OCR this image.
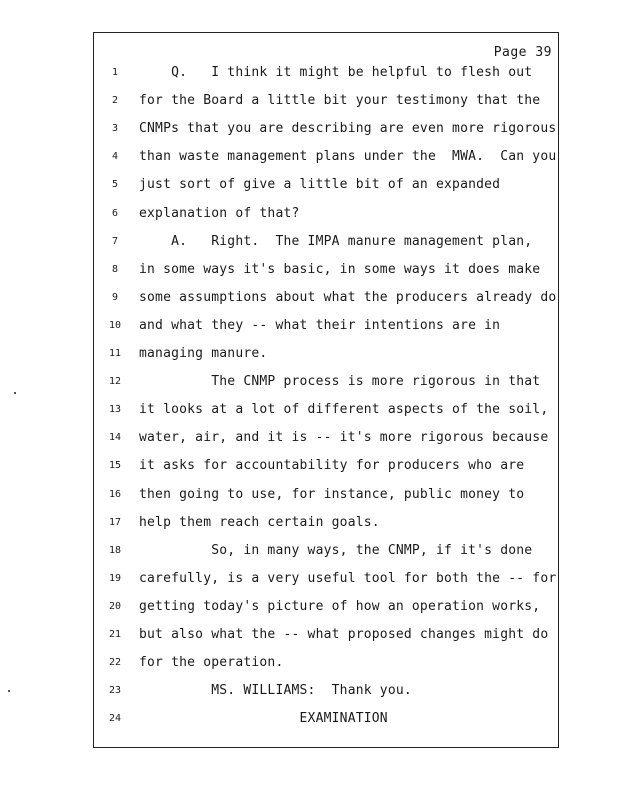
Page 39
1	Q.   I think it might be helpful to flesh out
2	for the Board a little bit your testimony that the
3	CNMPs that you are describing are even more rigorous
4	than waste management plans under the  MWA.  Can you
5	just sort of give a little bit of an expanded
6	explanation of that?
7	A.   Right.  The IMPA manure management plan,
8	in some ways it's basic, in some ways it does make
9	some assumptions about what the producers already do
10 and what they -- what their intentions are in
11 managing manure.
12 The CNMP process is more rigorous in that
13 it looks at a lot of different aspects of the soil,
14 water, air, and it is -- it's more rigorous because
15 it asks for accountability for producers who are
16 then going to use, for instance, public money to
17 help them reach certain goals.
18 So, in many ways, the CNMP, if it's done
19 carefully, is a very useful tool for both the -- for
20 getting today's picture of how an operation works,
21 but also what the -- what proposed changes might do
22 for the operation.
23 MS. WILLIAMS:  Thank you.
24 EXAMINATION
